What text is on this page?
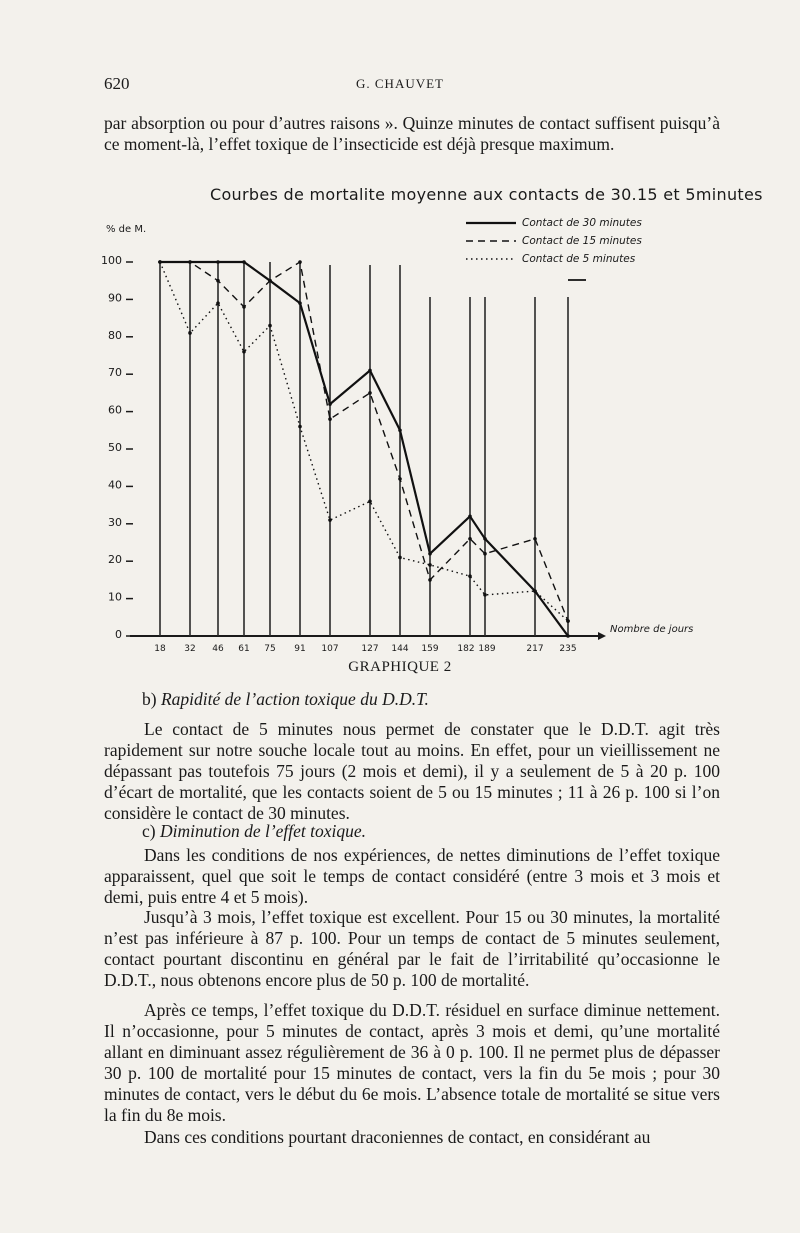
620	G. CHAUVET
par absorption ou pour d’autres raisons ». Quinze minutes de contact suffisent puisqu’à ce moment-là, l’effet toxique de l’insecticide est déjà presque maximum.
0
10
20
30
40
50
60
70
80
90
100
18 32 46 61 75 91 107	127 144 159 182 189	217 235
Contact de 30 minutes
Contact de 15 minutes
Contact de 5 minutes
Courbes de mortalite moyenne aux contacts de 30.15 et 5minutes
% de M.
Nombre de jours
GRAPHIQUE 2
b) Rapidité de l’action toxique du D.D.T.
Le contact de 5 minutes nous permet de constater que le D.D.T. agit très rapidement sur notre souche locale tout au moins. En effet, pour un vieillissement ne dépassant pas toutefois 75 jours (2 mois et demi), il y a seulement de 5 à 20 p. 100 d’écart de mortalité, que les contacts soient de 5 ou 15 minutes ; 11 à 26 p. 100 si l’on considère le contact de 30 minutes.
c) Diminution de l’effet toxique.
Dans les conditions de nos expériences, de nettes diminutions de l’effet toxique apparaissent, quel que soit le temps de contact considéré (entre 3 mois et 3 mois et demi, puis entre 4 et 5 mois).
Jusqu’à 3 mois, l’effet toxique est excellent. Pour 15 ou 30 minutes, la mortalité n’est pas inférieure à 87 p. 100. Pour un temps de contact de 5 minutes seulement, contact pourtant discontinu en général par le fait de l’irritabilité qu’occasionne le D.D.T., nous obtenons encore plus de 50 p. 100 de mortalité.
Après ce temps, l’effet toxique du D.D.T. résiduel en surface diminue nettement. Il n’occasionne, pour 5 minutes de contact, après 3 mois et demi, qu’une mortalité allant en diminuant assez régulièrement de 36 à 0 p. 100. Il ne permet plus de dépasser 30 p. 100 de mortalité pour 15 minutes de contact, vers la fin du 5e mois ; pour 30 minutes de contact, vers le début du 6e mois. L’absence totale de mortalité se situe vers la fin du 8e mois.
Dans ces conditions pourtant draconiennes de contact, en considérant au
